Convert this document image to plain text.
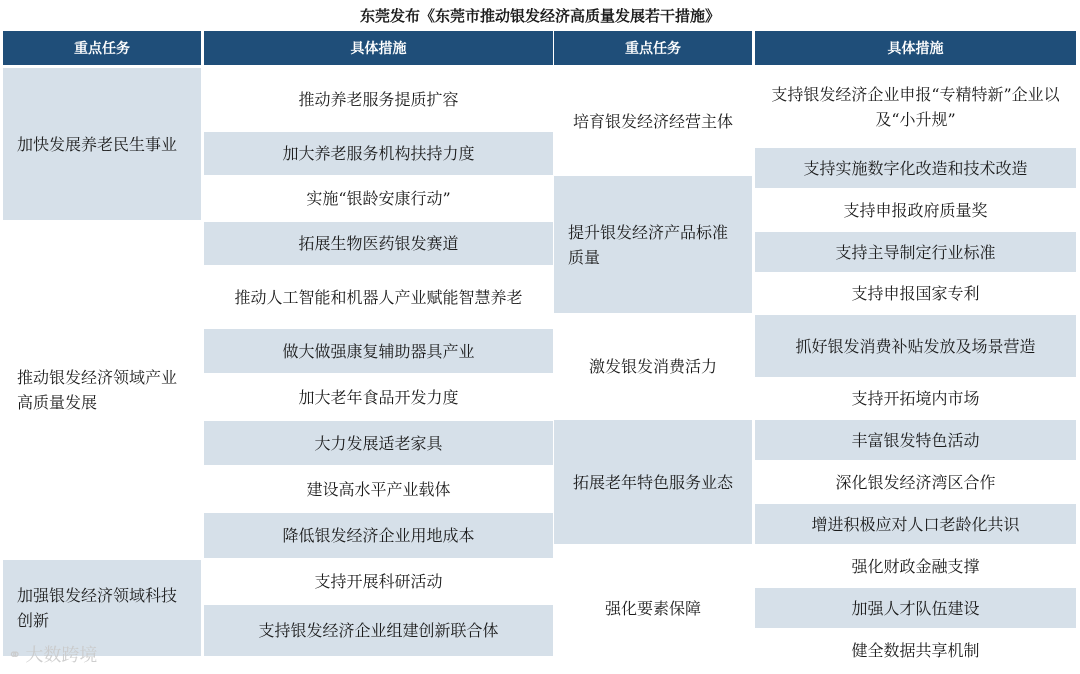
东莞发布《东莞市推动银发经济高质量发展若干措施》
重点任务	具体措施
加快发展养老民生事业
推动银发经济领域产业高质量发展
加强银发经济领域科技创新
推动养老服务提质扩容
加大养老服务机构扶持力度
实施“银龄安康行动”
拓展生物医药银发赛道
推动人工智能和机器人产业赋能智慧养老
做大做强康复辅助器具产业
加大老年食品开发力度
大力发展适老家具
建设高水平产业载体
降低银发经济企业用地成本
支持开展科研活动
支持银发经济企业组建创新联合体
重点任务	具体措施
培育银发经济经营主体
提升银发经济产品标准质量
激发银发消费活力
拓展老年特色服务业态
强化要素保障
支持银发经济企业申报“专精特新”企业以及“小升规”
支持实施数字化改造和技术改造
支持申报政府质量奖
支持主导制定行业标准
支持申报国家专利
抓好银发消费补贴发放及场景营造
支持开拓境内市场
丰富银发特色活动
深化银发经济湾区合作
增进积极应对人口老龄化共识
强化财政金融支撑
加强人才队伍建设
健全数据共享机制
⚭ 大数跨境
